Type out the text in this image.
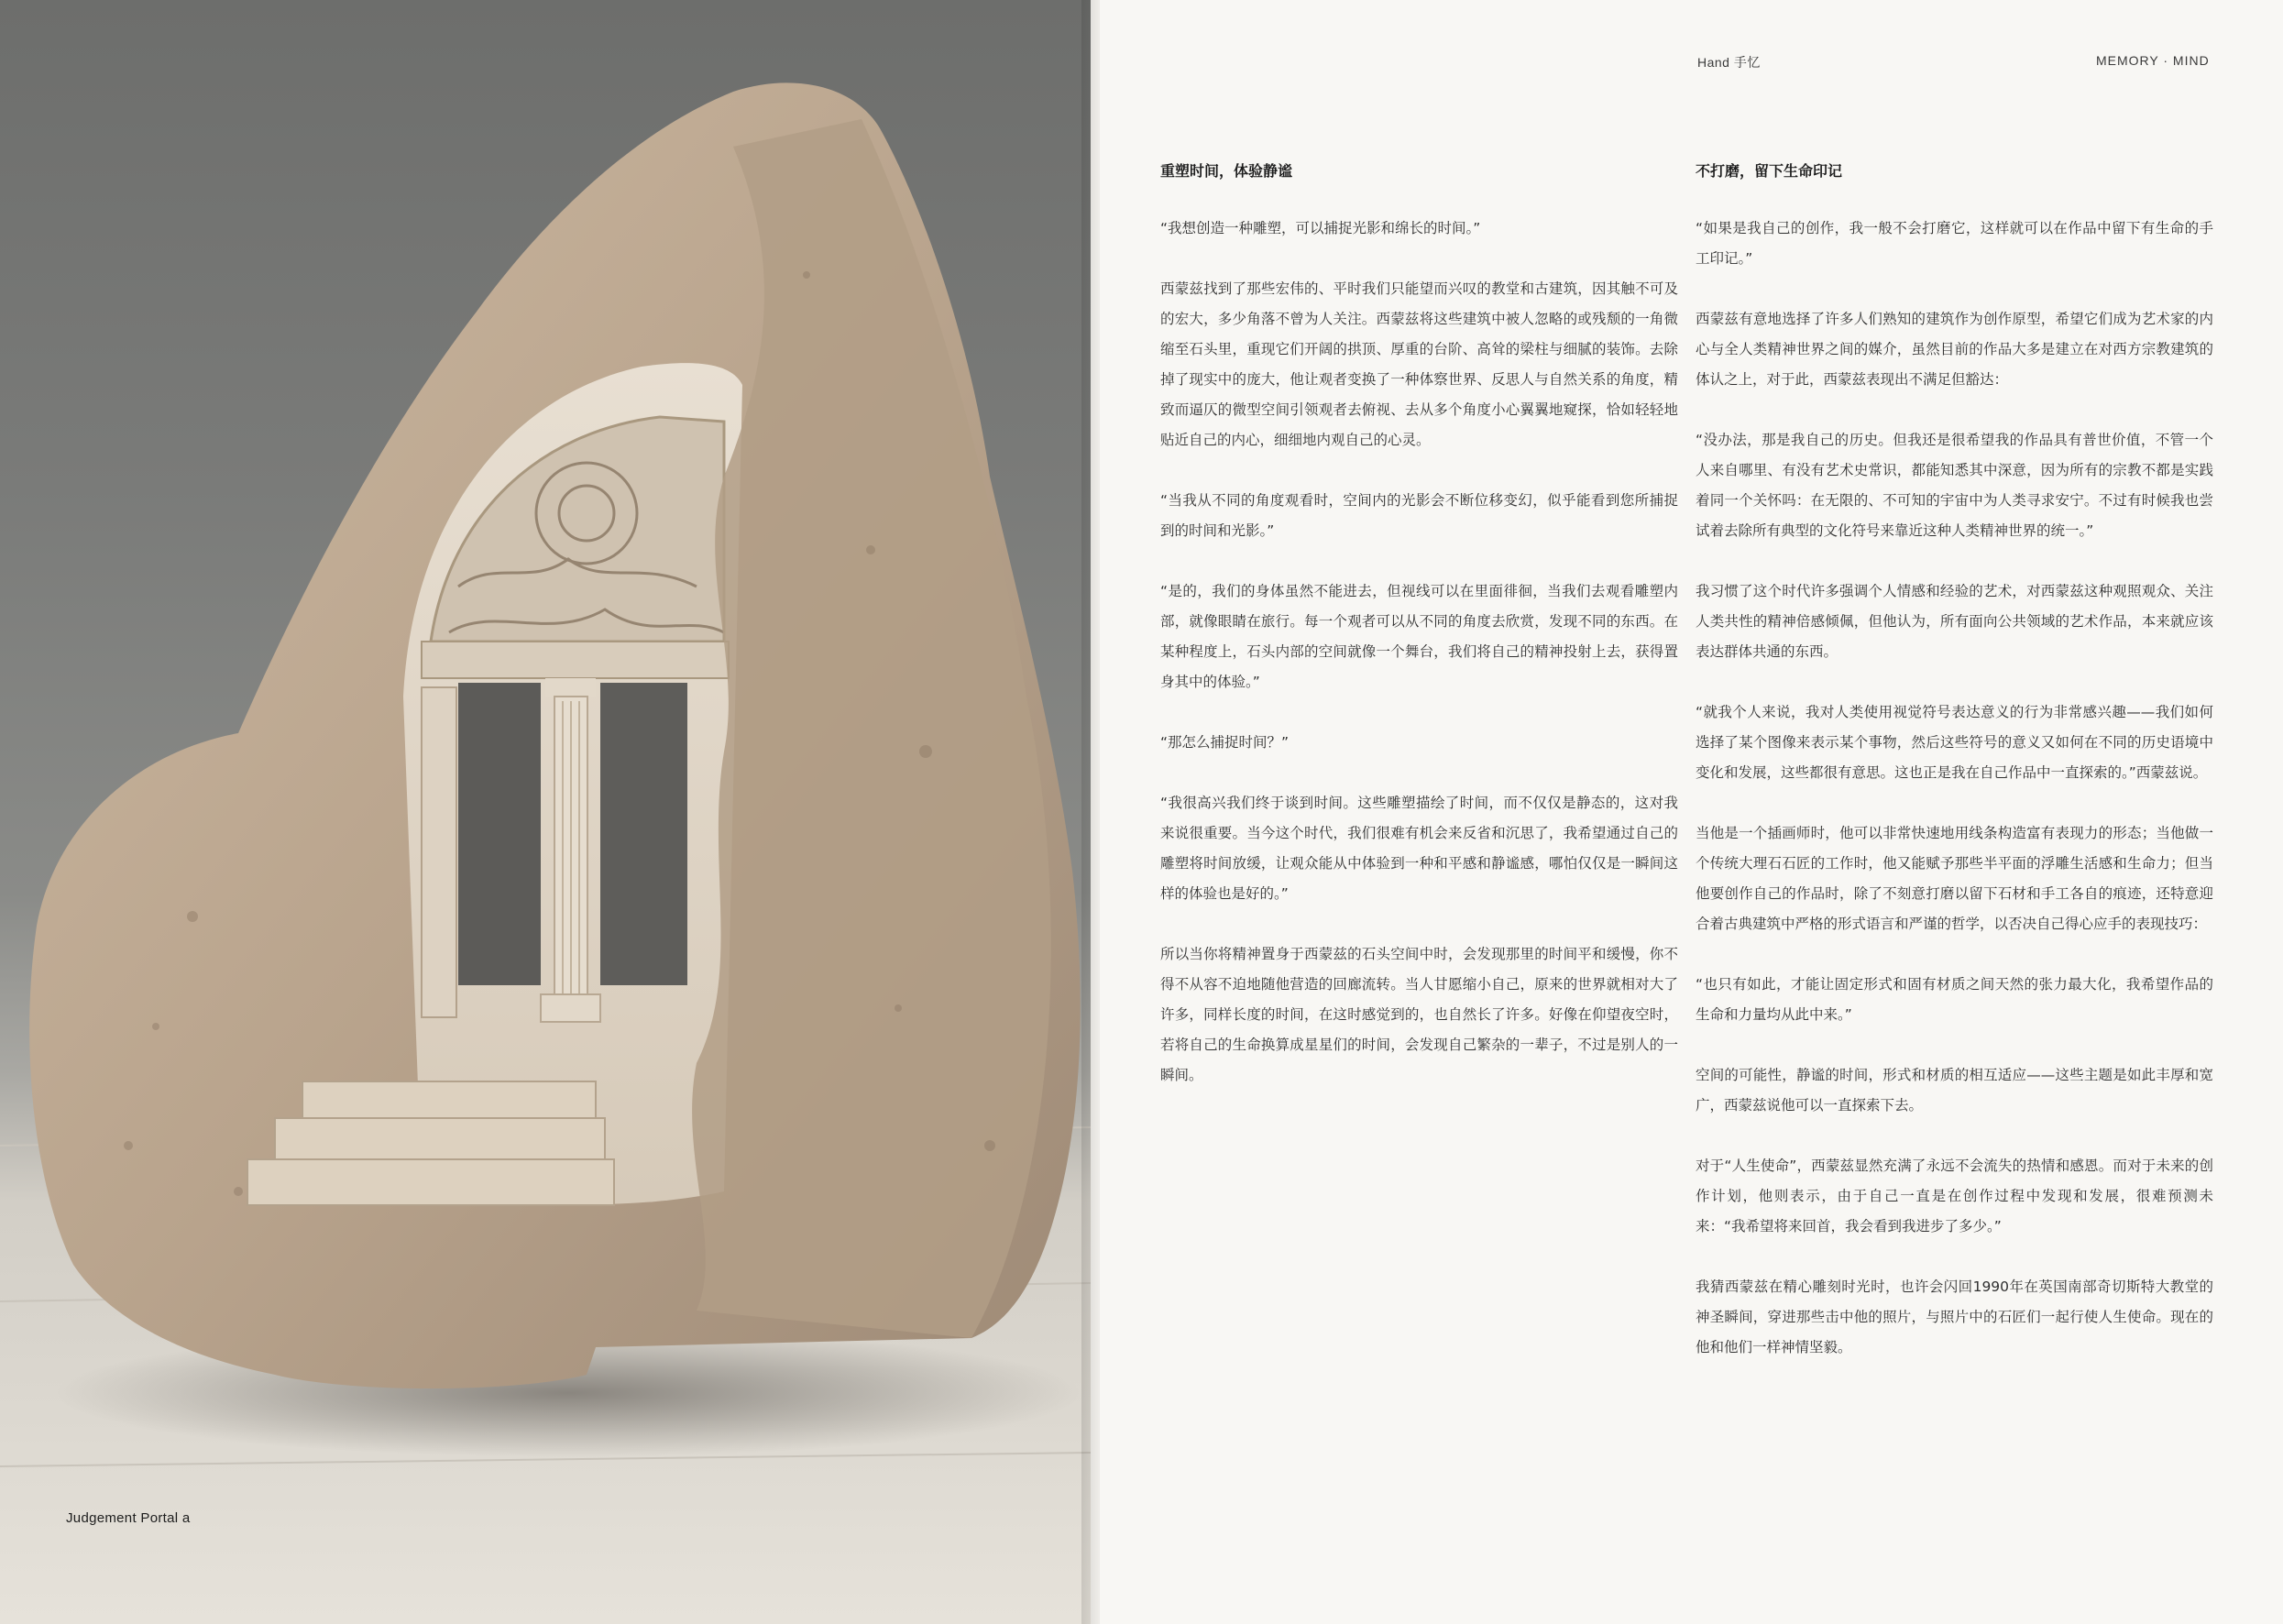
Judgement Portal a
Hand 手忆	MEMORY · MIND
重塑时间，体验静谧

“我想创造一种雕塑，可以捕捉光影和绵长的时间。”

西蒙兹找到了那些宏伟的、平时我们只能望而兴叹的教堂和古建筑，因其触不可及的宏大，多少角落不曾为人关注。西蒙兹将这些建筑中被人忽略的或残颓的一角微缩至石头里，重现它们开阔的拱顶、厚重的台阶、高耸的梁柱与细腻的装饰。去除掉了现实中的庞大，他让观者变换了一种体察世界、反思人与自然关系的角度，精致而逼仄的微型空间引领观者去俯视、去从多个角度小心翼翼地窥探，恰如轻轻地贴近自己的内心，细细地内观自己的心灵。

“当我从不同的角度观看时，空间内的光影会不断位移变幻，似乎能看到您所捕捉到的时间和光影。”

“是的，我们的身体虽然不能进去，但视线可以在里面徘徊，当我们去观看雕塑内部，就像眼睛在旅行。每一个观者可以从不同的角度去欣赏，发现不同的东西。在某种程度上，石头内部的空间就像一个舞台，我们将自己的精神投射上去，获得置身其中的体验。”

“那怎么捕捉时间？”

“我很高兴我们终于谈到时间。这些雕塑描绘了时间，而不仅仅是静态的，这对我来说很重要。当今这个时代，我们很难有机会来反省和沉思了，我希望通过自己的雕塑将时间放缓，让观众能从中体验到一种和平感和静谧感，哪怕仅仅是一瞬间这样的体验也是好的。”

所以当你将精神置身于西蒙兹的石头空间中时，会发现那里的时间平和缓慢，你不得不从容不迫地随他营造的回廊流转。当人甘愿缩小自己，原来的世界就相对大了许多，同样长度的时间，在这时感觉到的，也自然长了许多。好像在仰望夜空时，若将自己的生命换算成星星们的时间，会发现自己繁杂的一辈子，不过是别人的一瞬间。

不打磨，留下生命印记

“如果是我自己的创作，我一般不会打磨它，这样就可以在作品中留下有生命的手工印记。”

西蒙兹有意地选择了许多人们熟知的建筑作为创作原型，希望它们成为艺术家的内心与全人类精神世界之间的媒介，虽然目前的作品大多是建立在对西方宗教建筑的体认之上，对于此，西蒙兹表现出不满足但豁达：

“没办法，那是我自己的历史。但我还是很希望我的作品具有普世价值，不管一个人来自哪里、有没有艺术史常识，都能知悉其中深意，因为所有的宗教不都是实践着同一个关怀吗：在无限的、不可知的宇宙中为人类寻求安宁。不过有时候我也尝试着去除所有典型的文化符号来靠近这种人类精神世界的统一。”

我习惯了这个时代许多强调个人情感和经验的艺术，对西蒙兹这种观照观众、关注人类共性的精神倍感倾佩，但他认为，所有面向公共领域的艺术作品，本来就应该表达群体共通的东西。

“就我个人来说，我对人类使用视觉符号表达意义的行为非常感兴趣——我们如何选择了某个图像来表示某个事物，然后这些符号的意义又如何在不同的历史语境中变化和发展，这些都很有意思。这也正是我在自己作品中一直探索的。”西蒙兹说。

当他是一个插画师时，他可以非常快速地用线条构造富有表现力的形态；当他做一个传统大理石石匠的工作时，他又能赋予那些半平面的浮雕生活感和生命力；但当他要创作自己的作品时，除了不刻意打磨以留下石材和手工各自的痕迹，还特意迎合着古典建筑中严格的形式语言和严谨的哲学，以否决自己得心应手的表现技巧：

“也只有如此，才能让固定形式和固有材质之间天然的张力最大化，我希望作品的生命和力量均从此中来。”

空间的可能性，静谧的时间，形式和材质的相互适应——这些主题是如此丰厚和宽广，西蒙兹说他可以一直探索下去。

对于“人生使命”，西蒙兹显然充满了永远不会流失的热情和感恩。而对于未来的创作计划，他则表示，由于自己一直是在创作过程中发现和发展，很难预测未来：“我希望将来回首，我会看到我进步了多少。”

我猜西蒙兹在精心雕刻时光时，也许会闪回1990年在英国南部奇切斯特大教堂的神圣瞬间，穿进那些击中他的照片，与照片中的石匠们一起行使人生使命。现在的他和他们一样神情坚毅。
